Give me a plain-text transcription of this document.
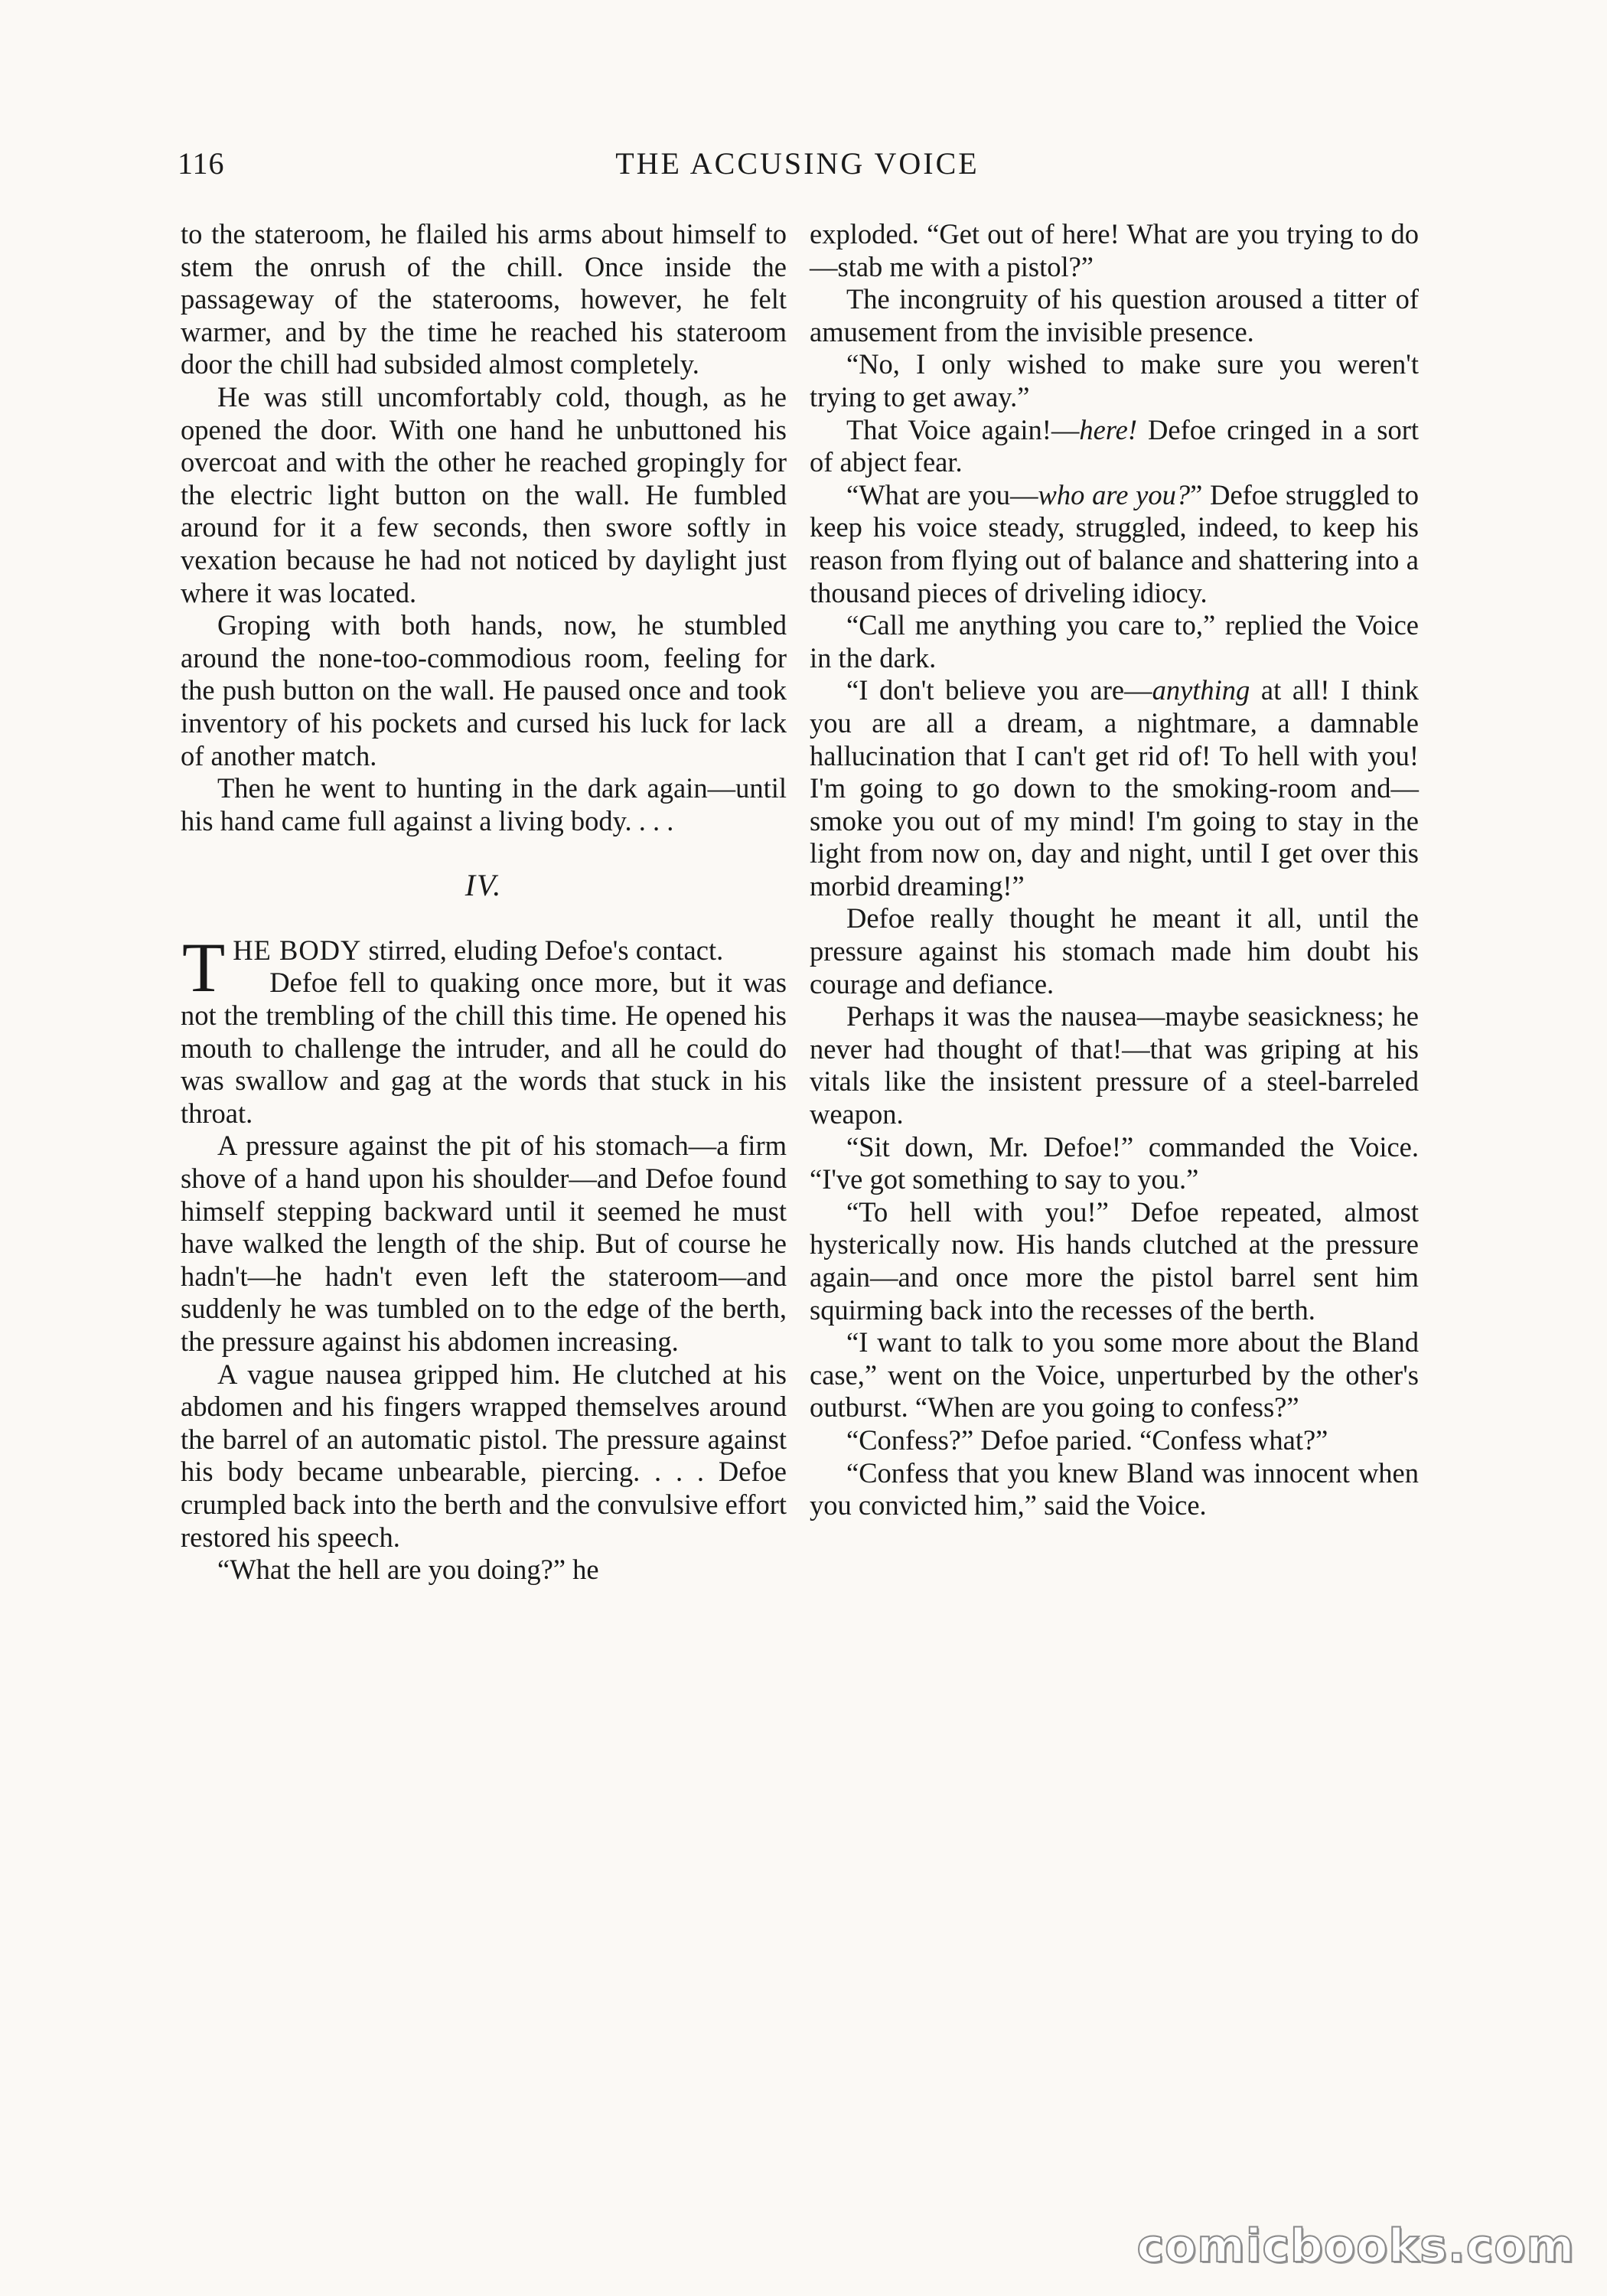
116	THE ACCUSING VOICE

to the stateroom, he flailed his arms about himself to stem the onrush of the chill. Once inside the passageway of the staterooms, however, he felt warmer, and by the time he reached his stateroom door the chill had subsided almost completely.

He was still uncomfortably cold, though, as he opened the door. With one hand he unbuttoned his overcoat and with the other he reached gropingly for the electric light button on the wall. He fumbled around for it a few seconds, then swore softly in vexation because he had not noticed by daylight just where it was located.

Groping with both hands, now, he stumbled around the none-too-commodious room, feeling for the push button on the wall. He paused once and took inventory of his pockets and cursed his luck for lack of another match.

Then he went to hunting in the dark again—until his hand came full against a living body. . . .

IV.

THE BODY stirred, eluding Defoe's contact.

Defoe fell to quaking once more, but it was not the trembling of the chill this time. He opened his mouth to challenge the intruder, and all he could do was swallow and gag at the words that stuck in his throat.

A pressure against the pit of his stomach—a firm shove of a hand upon his shoulder—and Defoe found himself stepping backward until it seemed he must have walked the length of the ship. But of course he hadn't—he hadn't even left the stateroom—and suddenly he was tumbled on to the edge of the berth, the pressure against his abdomen increasing.

A vague nausea gripped him. He clutched at his abdomen and his fingers wrapped themselves around the barrel of an automatic pistol. The pressure against his body became unbearable, piercing. . . . Defoe crumpled back into the berth and the convulsive effort restored his speech.

“What the hell are you doing?” he

exploded. “Get out of here! What are you trying to do—stab me with a pistol?”

The incongruity of his question aroused a titter of amusement from the invisible presence.

“No, I only wished to make sure you weren't trying to get away.”

That Voice again!—here! Defoe cringed in a sort of abject fear.

“What are you—who are you?” Defoe struggled to keep his voice steady, struggled, indeed, to keep his reason from flying out of balance and shattering into a thousand pieces of driveling idiocy.

“Call me anything you care to,” replied the Voice in the dark.

“I don't believe you are—anything at all! I think you are all a dream, a nightmare, a damnable hallucination that I can't get rid of! To hell with you! I'm going to go down to the smoking-room and—smoke you out of my mind! I'm going to stay in the light from now on, day and night, until I get over this morbid dreaming!”

Defoe really thought he meant it all, until the pressure against his stomach made him doubt his courage and defiance.

Perhaps it was the nausea—maybe seasickness; he never had thought of that!—that was griping at his vitals like the insistent pressure of a steel-barreled weapon.

“Sit down, Mr. Defoe!” commanded the Voice. “I've got something to say to you.”

“To hell with you!” Defoe repeated, almost hysterically now. His hands clutched at the pressure again—and once more the pistol barrel sent him squirming back into the recesses of the berth.

“I want to talk to you some more about the Bland case,” went on the Voice, unperturbed by the other's outburst. “When are you going to confess?”

“Confess?” Defoe paried. “Confess what?”

“Confess that you knew Bland was innocent when you convicted him,” said the Voice.

comicbooks.com
